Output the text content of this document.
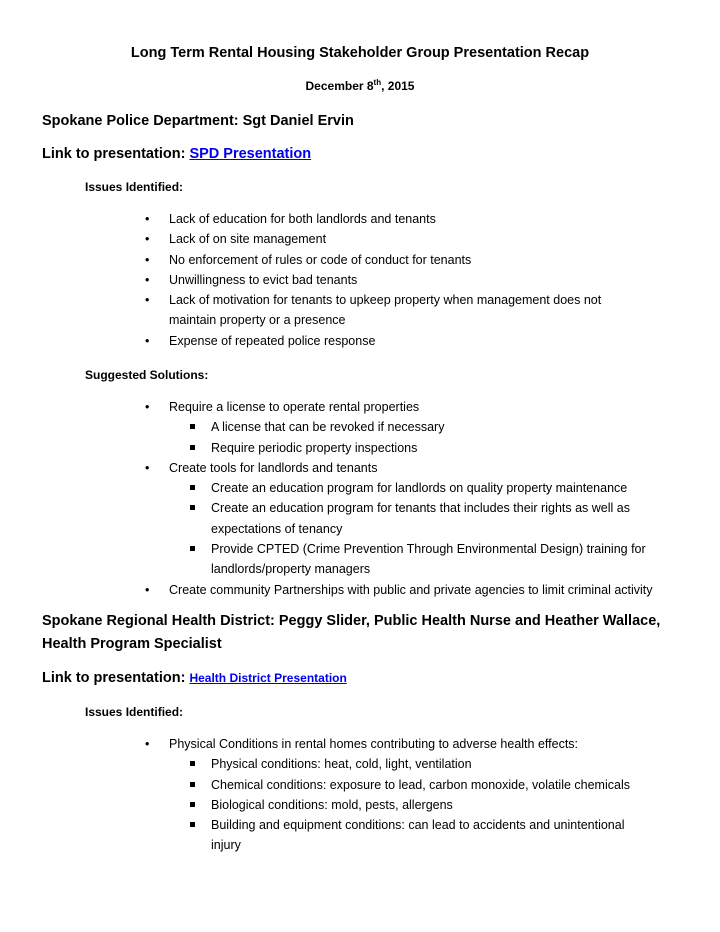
Long Term Rental Housing Stakeholder Group Presentation Recap
December 8th, 2015
Spokane Police Department: Sgt Daniel Ervin
Link to presentation: SPD Presentation
Issues Identified:
• Lack of education for both landlords and tenants
• Lack of on site management
• No enforcement of rules or code of conduct for tenants
• Unwillingness to evict bad tenants
• Lack of motivation for tenants to upkeep property when management does not maintain property or a presence
• Expense of repeated police response
Suggested Solutions:
• Require a license to operate rental properties
A license that can be revoked if necessary
Require periodic property inspections
• Create tools for landlords and tenants
Create an education program for landlords on quality property maintenance
Create an education program for tenants that includes their rights as well as expectations of tenancy
Provide CPTED (Crime Prevention Through Environmental Design) training for landlords/property managers
• Create community Partnerships with public and private agencies to limit criminal activity
Spokane Regional Health District: Peggy Slider, Public Health Nurse and Heather Wallace, Health Program Specialist
Link to presentation: Health District Presentation
Issues Identified:
• Physical Conditions in rental homes contributing to adverse health effects:
Physical conditions: heat, cold, light, ventilation
Chemical conditions: exposure to lead, carbon monoxide, volatile chemicals
Biological conditions: mold, pests, allergens
Building and equipment conditions: can lead to accidents and unintentional injury
